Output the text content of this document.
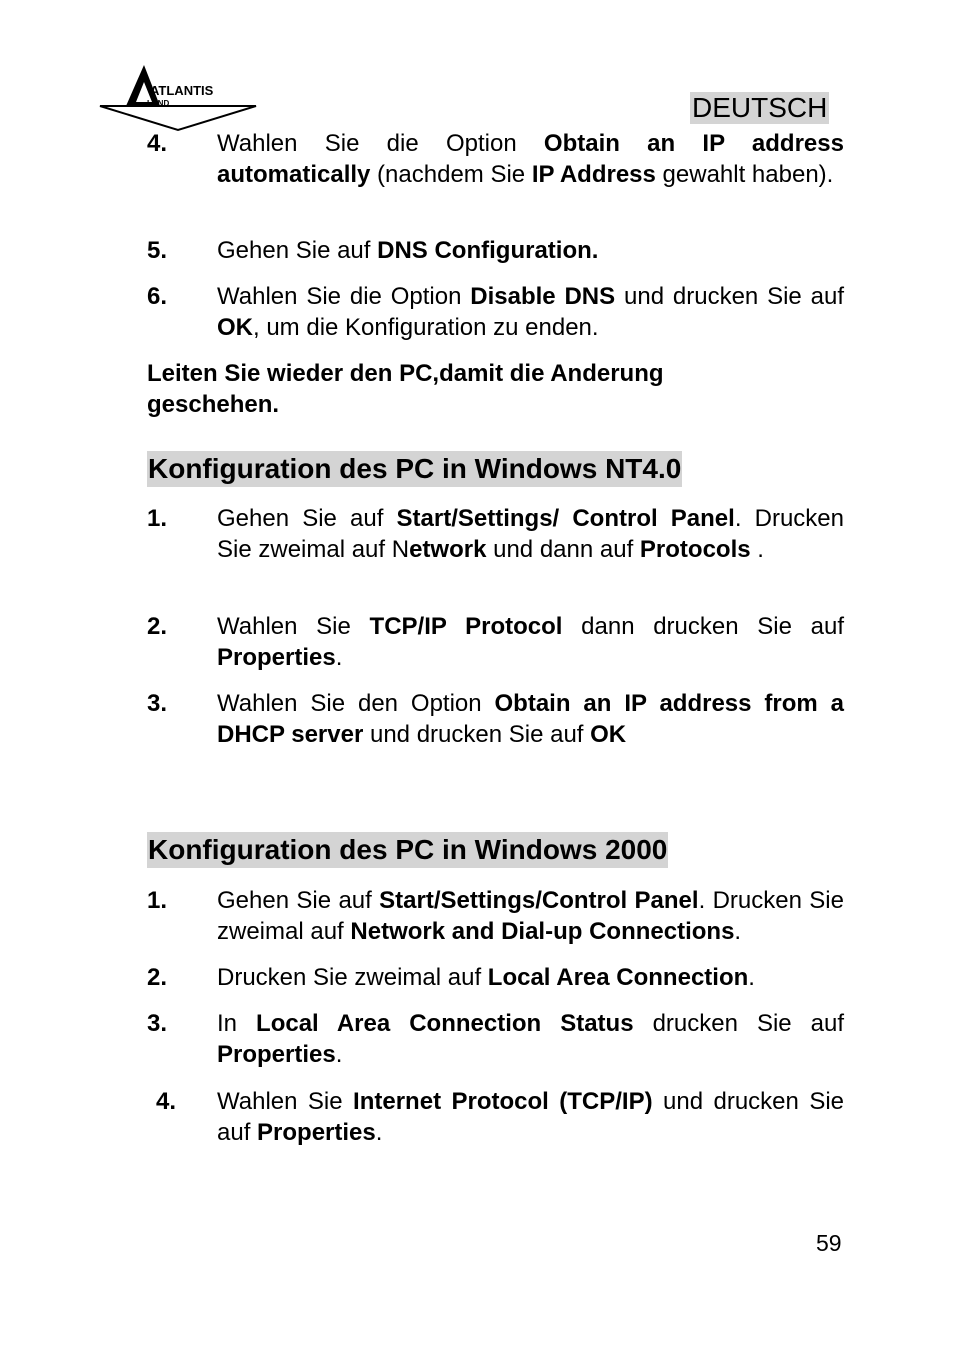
ATLANTIS
LAND	DEUTSCH
4. Wahlen Sie die Option Obtain an IP address automatically (nachdem Sie IP Address gewahlt haben).
5. Gehen Sie auf DNS Configuration.
6. Wahlen Sie die Option Disable DNS und drucken Sie auf OK, um die Konfiguration zu enden.
Leiten Sie wieder den PC,damit die Anderung geschehen.
Konfiguration des PC in Windows NT4.0
1. Gehen Sie auf Start/Settings/ Control Panel. Drucken Sie zweimal auf Network und dann auf Protocols .
2. Wahlen Sie TCP/IP Protocol dann drucken Sie auf Properties.
3. Wahlen Sie den Option Obtain an IP address from a DHCP server und drucken Sie auf OK
Konfiguration des PC in Windows 2000
1. Gehen Sie auf Start/Settings/Control Panel. Drucken Sie zweimal auf Network and Dial-up Connections.
2. Drucken Sie zweimal auf Local Area Connection.
3. In Local Area Connection Status drucken Sie auf Properties.
4. Wahlen Sie Internet Protocol (TCP/IP) und drucken Sie auf Properties.
59
